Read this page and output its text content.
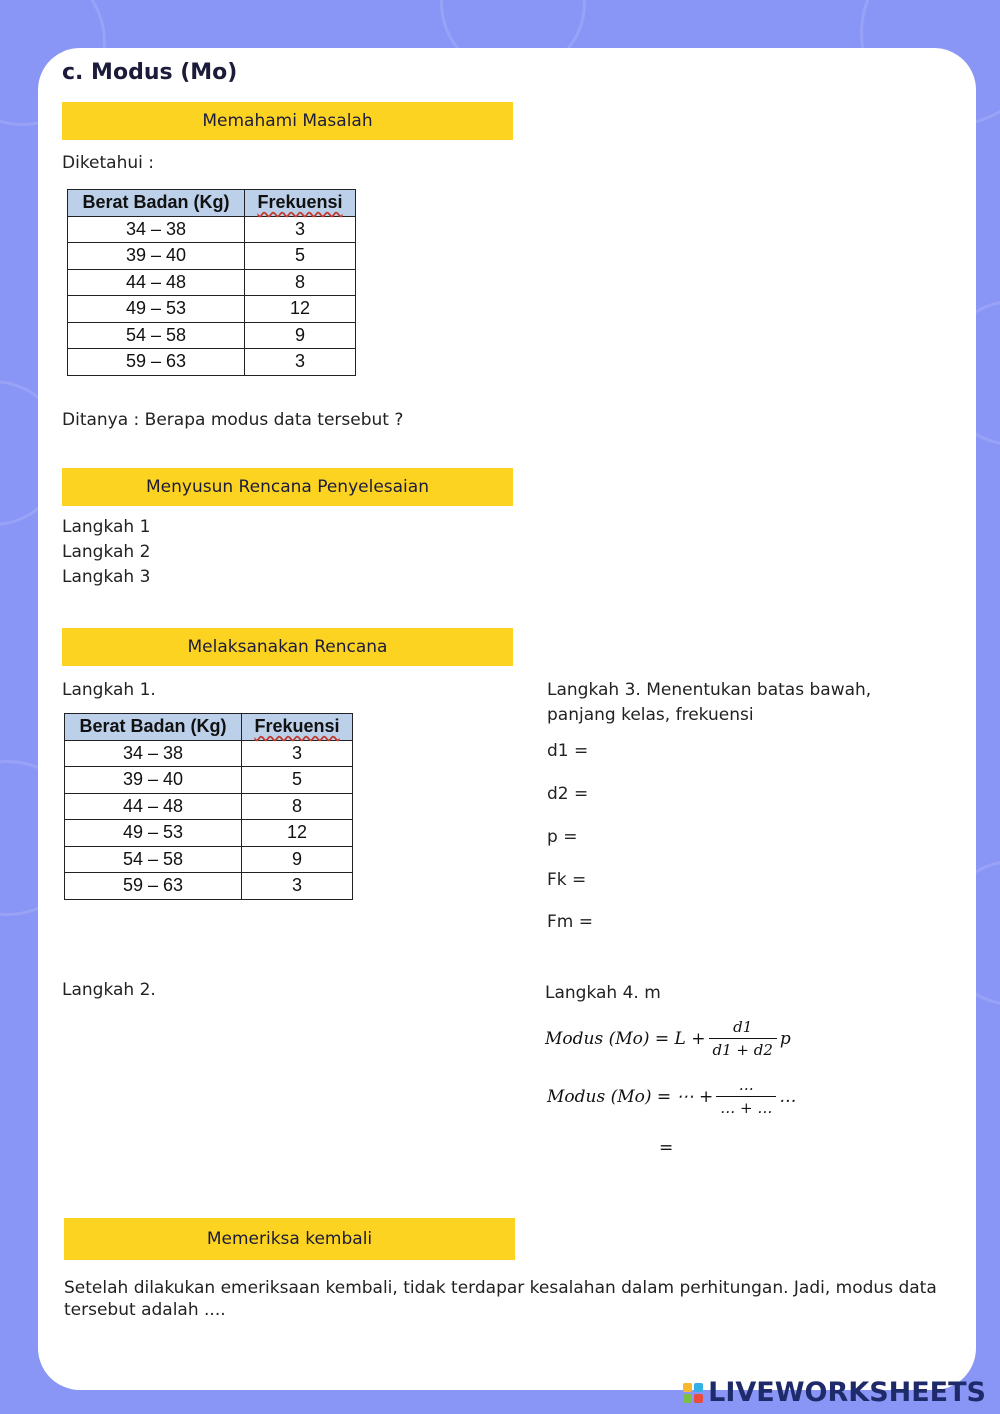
c. Modus (Mo)
Memahami Masalah
Diketahui :
Berat Badan (Kg)	Frekuensi
34 – 38	3
39 – 40	5
44 – 48	8
49 – 53	12
54 – 58	9
59 – 63	3
Ditanya : Berapa modus data tersebut ?
Menyusun Rencana Penyelesaian
Langkah 1
Langkah 2
Langkah 3
Melaksanakan Rencana
Langkah 1.
Berat Badan (Kg)	Frekuensi
34 – 38	3
39 – 40	5
44 – 48	8
49 – 53	12
54 – 58	9
59 – 63	3
Langkah 3. Menentukan batas bawah, panjang kelas, frekuensi
d1 =
d2 =
p =
Fk =
Fm =
Langkah 2.	Langkah 4. m
Modus $(Mo) = L + \frac{d1}{d1 + d2}$ p
Modus (Mo) = ⋯ + $\frac{\dots}{\dots + \dots}$ …
=
Memeriksa kembali
Setelah dilakukan emeriksaan kembali, tidak terdapar kesalahan dalam perhitungan. Jadi, modus data tersebut adalah ....
LIVEWORKSHEETS
